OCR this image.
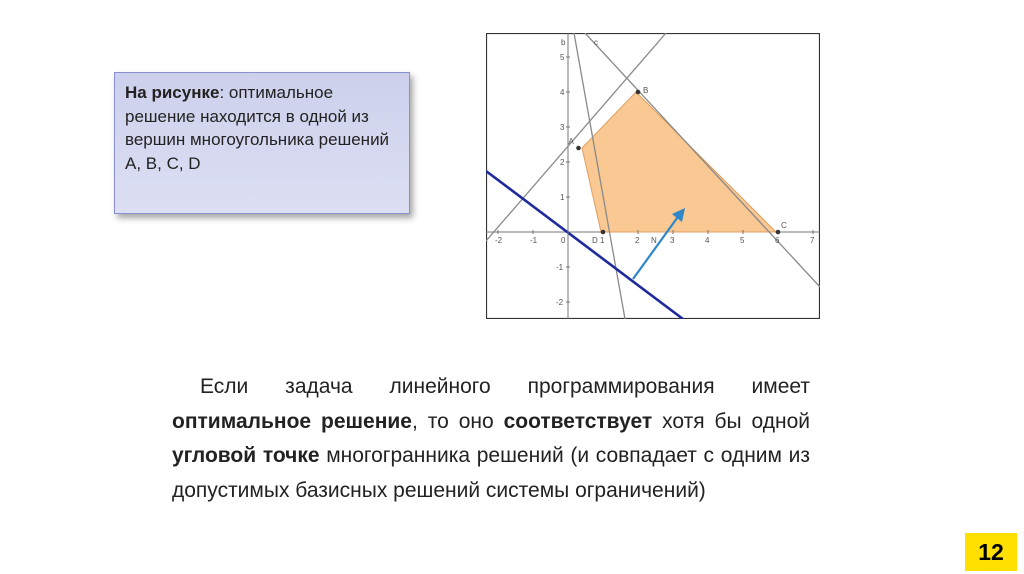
На рисунке: оптимальное решение находится в одной из вершин многоугольника решений A, B, C, D
N
b	c
-2	-1	0	1	2	3	4	5	6	7
5
4
3
2
1
-1
-2
A
B
C
D
Если задача линейного программирования имеет оптимальное решение, то оно соответствует хотя бы одной угловой точке многогранника решений (и совпадает с одним из допустимых базисных решений системы ограничений)
12
